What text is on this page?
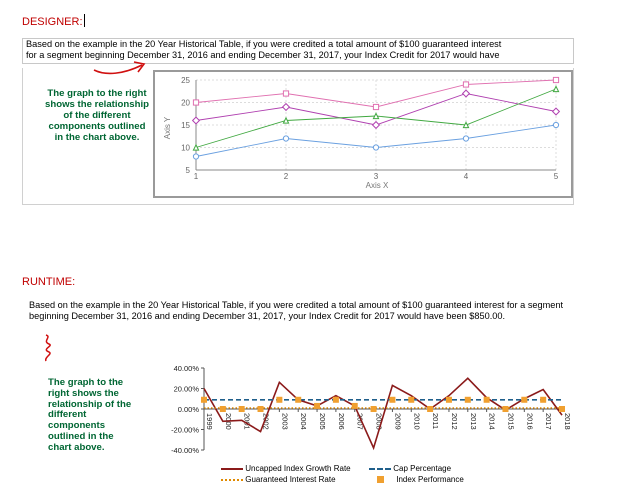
DESIGNER:
Based on the example in the 20 Year Historical Table, if you were credited a total amount of $100 guaranteed interest
for a segment beginning December 31, 2016 and ending December 31, 2017, your Index Credit for 2017 would have
The graph to the right shows the relationship of the different components outlined in the chart above.	Axis Y
Axis X
5
10
15
20
25
1	2	3	4	5
RUNTIME:
Based on the example in the 20 Year Historical Table, if you were credited a total amount of $100 guaranteed interest for a segment beginning December 31, 2016 and ending December 31, 2017, your Index Credit for 2017 would have been $850.00.
The graph to the right shows the relationship of the different components outlined in the chart above.
40.00%
20.00%
0.00%
-20.00%
-40.00%
1999 2000 2001 2002 2003 2004 2005 2006 2007 2008 2009 2010 2011 2012 2013 2014 2015 2016 2017 2018
Uncapped Index Growth Rate	Cap Percentage
Guaranteed Interest Rate	Index Performance
